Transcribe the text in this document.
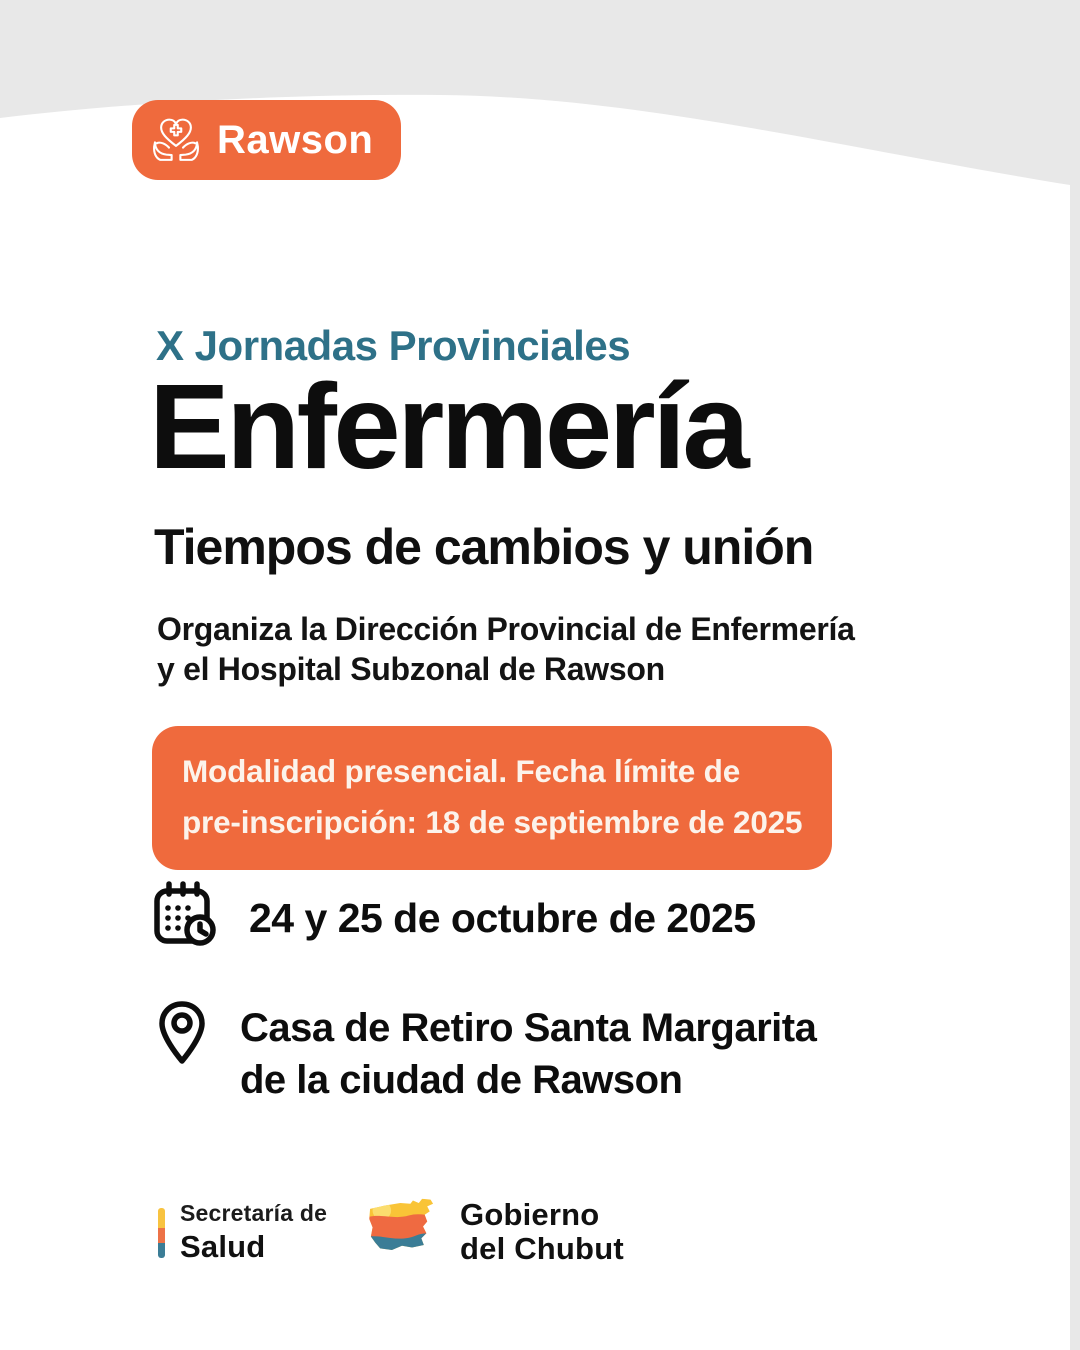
Rawson
X Jornadas Provinciales
Enfermería
Tiempos de cambios y unión
Organiza la Dirección Provincial de Enfermería
y el Hospital Subzonal de Rawson
Modalidad presencial. Fecha límite de
pre-inscripción: 18 de septiembre de 2025
24 y 25 de octubre de 2025
Casa de Retiro Santa Margarita
de la ciudad de Rawson
Secretaría de
Salud
Gobierno
del Chubut
